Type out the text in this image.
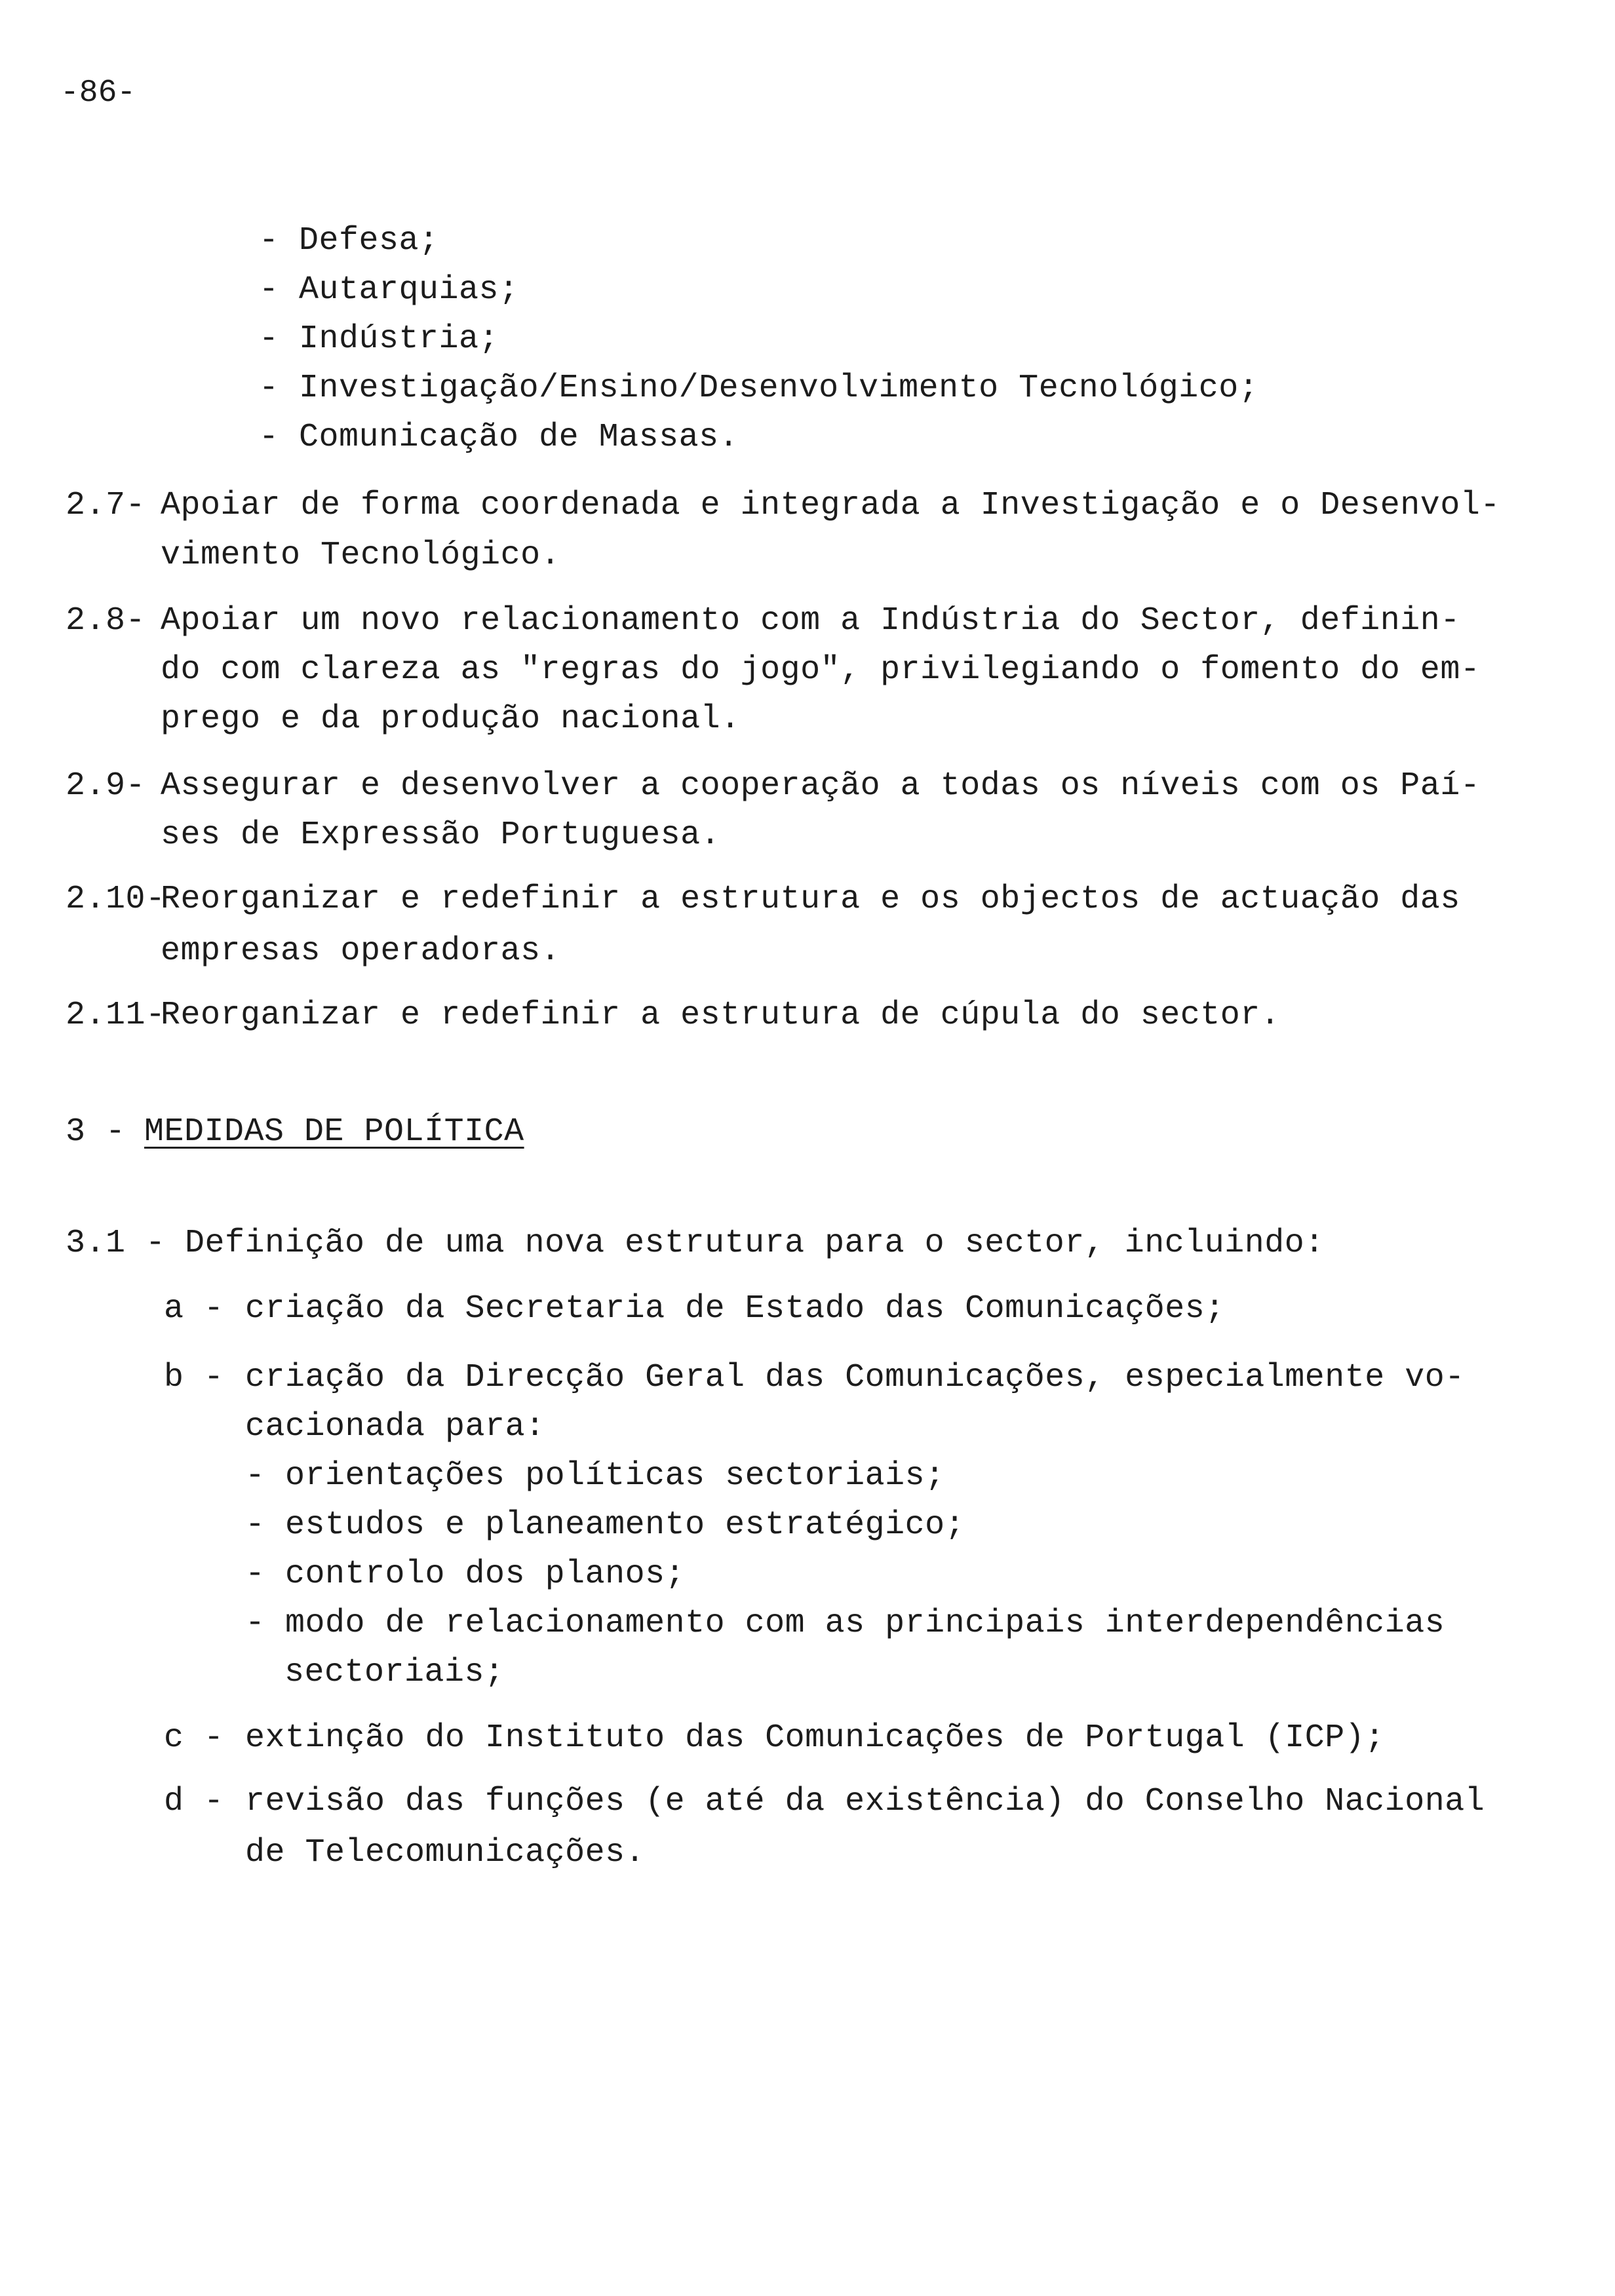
-86-
- Defesa;
- Autarquias;
- Indústria;
- Investigação/Ensino/Desenvolvimento Tecnológico;
- Comunicação de Massas.
2.7- Apoiar de forma coordenada e integrada a Investigação e o Desenvol-
vimento Tecnológico.
2.8- Apoiar um novo relacionamento com a Indústria do Sector, definin-
do com clareza as "regras do jogo", privilegiando o fomento do em-
prego e da produção nacional.
2.9- Assegurar e desenvolver a cooperação a todas os níveis com os Paí-
ses de Expressão Portuguesa.
2.10-
Reorganizar e redefinir a estrutura e os objectos de actuação das
empresas operadoras.
2.11-
Reorganizar e redefinir a estrutura de cúpula do sector.
3 - MEDIDAS DE POLÍTICA
3.1 - Definição de uma nova estrutura para o sector, incluindo:
a - criação da Secretaria de Estado das Comunicações;
b - criação da Direcção Geral das Comunicações, especialmente vo-
cacionada para:
- orientações políticas sectoriais;
- estudos e planeamento estratégico;
- controlo dos planos;
- modo de relacionamento com as principais interdependências
sectoriais;
c - extinção do Instituto das Comunicações de Portugal (ICP);
d - revisão das funções (e até da existência) do Conselho Nacional
de Telecomunicações.
